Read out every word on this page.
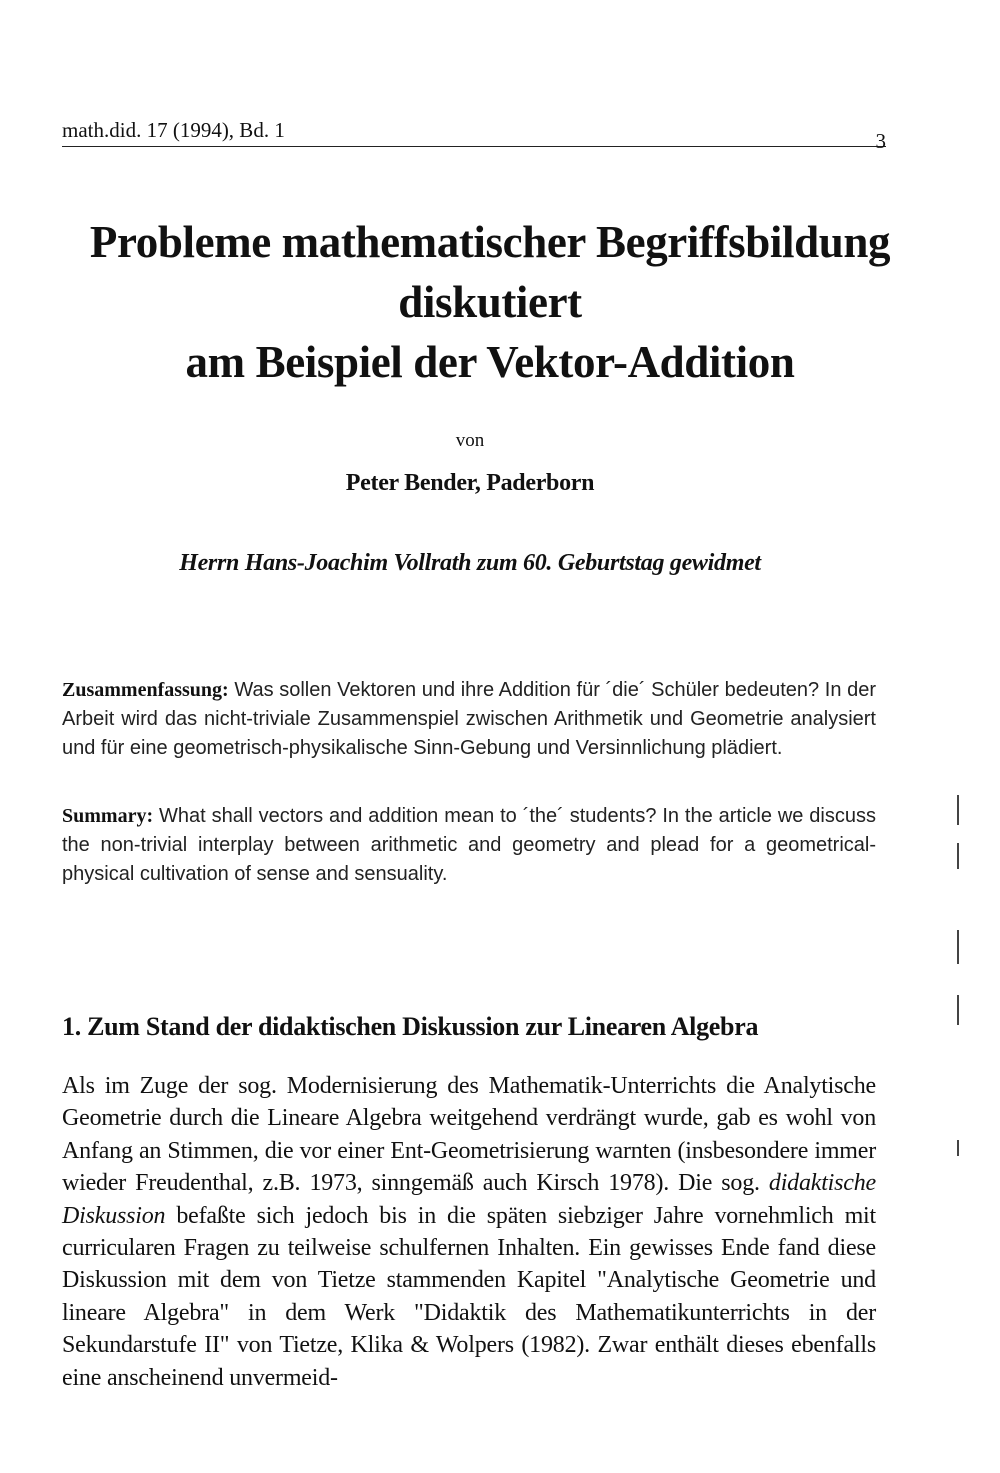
math.did. 17 (1994), Bd. 1	3
Probleme mathematischer Begriffsbildung
diskutiert
am Beispiel der Vektor-Addition
von
Peter Bender, Paderborn
Herrn Hans-Joachim Vollrath zum 60. Geburtstag gewidmet
Zusammenfassung: Was sollen Vektoren und ihre Addition für ´die´ Schüler bedeuten? In der Arbeit wird das nicht-triviale Zusammenspiel zwischen Arithmetik und Geometrie analysiert und für eine geometrisch-physikalische Sinn-Gebung und Versinnlichung plädiert.
Summary: What shall vectors and addition mean to ´the´ students? In the article we discuss the non-trivial interplay between arithmetic and geometry and plead for a geometrical-physical cultivation of sense and sensuality.
1. Zum Stand der didaktischen Diskussion zur Linearen Algebra
Als im Zuge der sog. Modernisierung des Mathematik-Unterrichts die Analytische Geometrie durch die Lineare Algebra weitgehend verdrängt wurde, gab es wohl von Anfang an Stimmen, die vor einer Ent-Geometrisierung warnten (insbesondere immer wieder Freudenthal, z.B. 1973, sinngemäß auch Kirsch 1978). Die sog. didaktische Diskussion befaßte sich jedoch bis in die späten siebziger Jahre vornehmlich mit curricularen Fragen zu teilweise schulfernen Inhalten. Ein gewisses Ende fand diese Diskussion mit dem von Tietze stammenden Kapitel "Analytische Geometrie und lineare Algebra" in dem Werk "Didaktik des Mathematikunterrichts in der Sekundarstufe II" von Tietze, Klika & Wolpers (1982). Zwar enthält dieses ebenfalls eine anscheinend unvermeid-
